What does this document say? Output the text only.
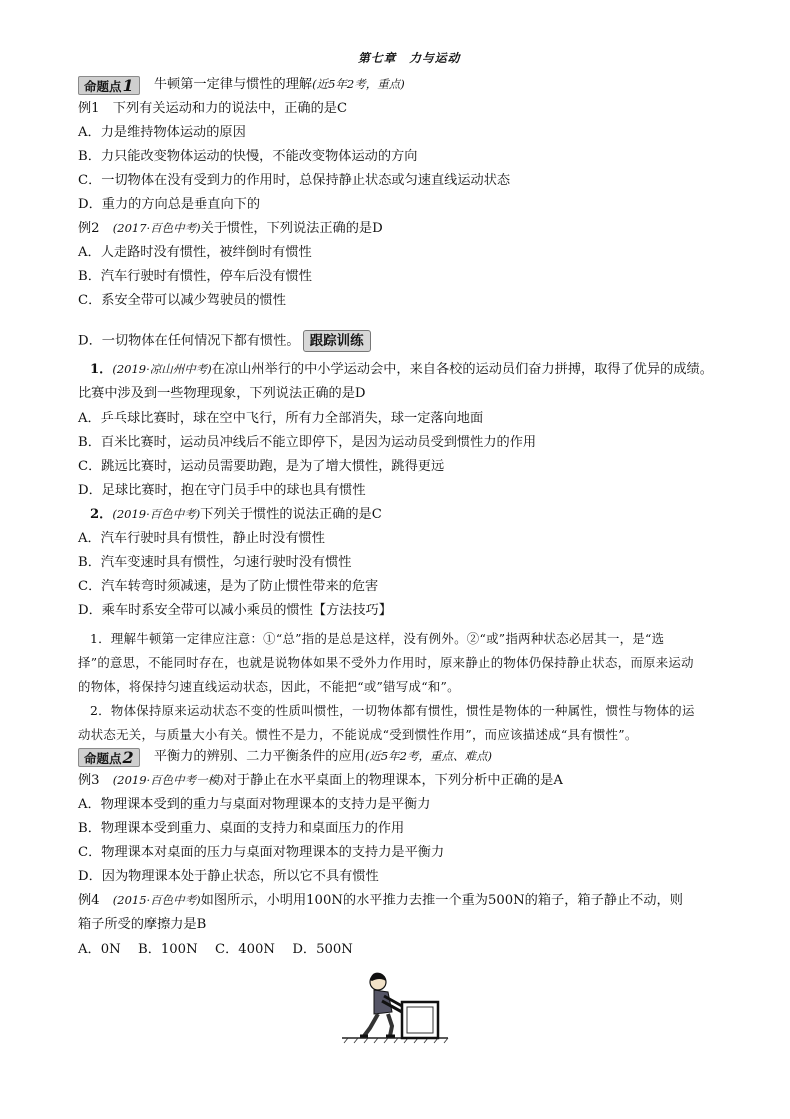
第七章　力与运动
命题点1 牛顿第一定律与惯性的理解(近5年2考，重点)
例1　 下列有关运动和力的说法中，正确的是C
A．力是维持物体运动的原因
B．力只能改变物体运动的快慢，不能改变物体运动的方向
C．一切物体在没有受到力的作用时，总保持静止状态或匀速直线运动状态
D．重力的方向总是垂直向下的
例2　 (2017·百色中考)关于惯性，下列说法正确的是D
A．人走路时没有惯性，被绊倒时有惯性
B．汽车行驶时有惯性，停车后没有惯性
C．系安全带可以减少驾驶员的惯性
D．一切物体在任何情况下都有惯性。 跟踪训练
1．(2019·凉山州中考)在凉山州举行的中小学运动会中，来自各校的运动员们奋力拼搏，取得了优异的成绩。
比赛中涉及到一些物理现象，下列说法正确的是D
A．乒乓球比赛时，球在空中飞行，所有力全部消失，球一定落向地面
B．百米比赛时，运动员冲线后不能立即停下，是因为运动员受到惯性力的作用
C．跳远比赛时，运动员需要助跑，是为了增大惯性，跳得更远
D．足球比赛时，抱在守门员手中的球也具有惯性
2．(2019·百色中考)下列关于惯性的说法正确的是C
A．汽车行驶时具有惯性，静止时没有惯性
B．汽车变速时具有惯性，匀速行驶时没有惯性
C．汽车转弯时须减速，是为了防止惯性带来的危害
D．乘车时系安全带可以减小乘员的惯性【方法技巧】
1．理解牛顿第一定律应注意：①“总”指的是总是这样，没有例外。②“或”指两种状态必居其一，是“选
择”的意思，不能同时存在，也就是说物体如果不受外力作用时，原来静止的物体仍保持静止状态，而原来运动
的物体，将保持匀速直线运动状态，因此，不能把“或”错写成“和”。
2．物体保持原来运动状态不变的性质叫惯性，一切物体都有惯性，惯性是物体的一种属性，惯性与物体的运
动状态无关，与质量大小有关。惯性不是力，不能说成“受到惯性作用”，而应该描述成“具有惯性”。
命题点2 平衡力的辨别、二力平衡条件的应用(近5年2考，重点、难点)
例3　 (2019·百色中考一模)对于静止在水平桌面上的物理课本，下列分析中正确的是A
A．物理课本受到的重力与桌面对物理课本的支持力是平衡力
B．物理课本受到重力、桌面的支持力和桌面压力的作用
C．物理课本对桌面的压力与桌面对物理课本的支持力是平衡力
D．因为物理课本处于静止状态，所以它不具有惯性
例4　 (2015·百色中考)如图所示，小明用100N的水平推力去推一个重为500N的箱子，箱子静止不动，则
箱子所受的摩擦力是B
A．0N　 B．100N　 C．400N　 D．500N
